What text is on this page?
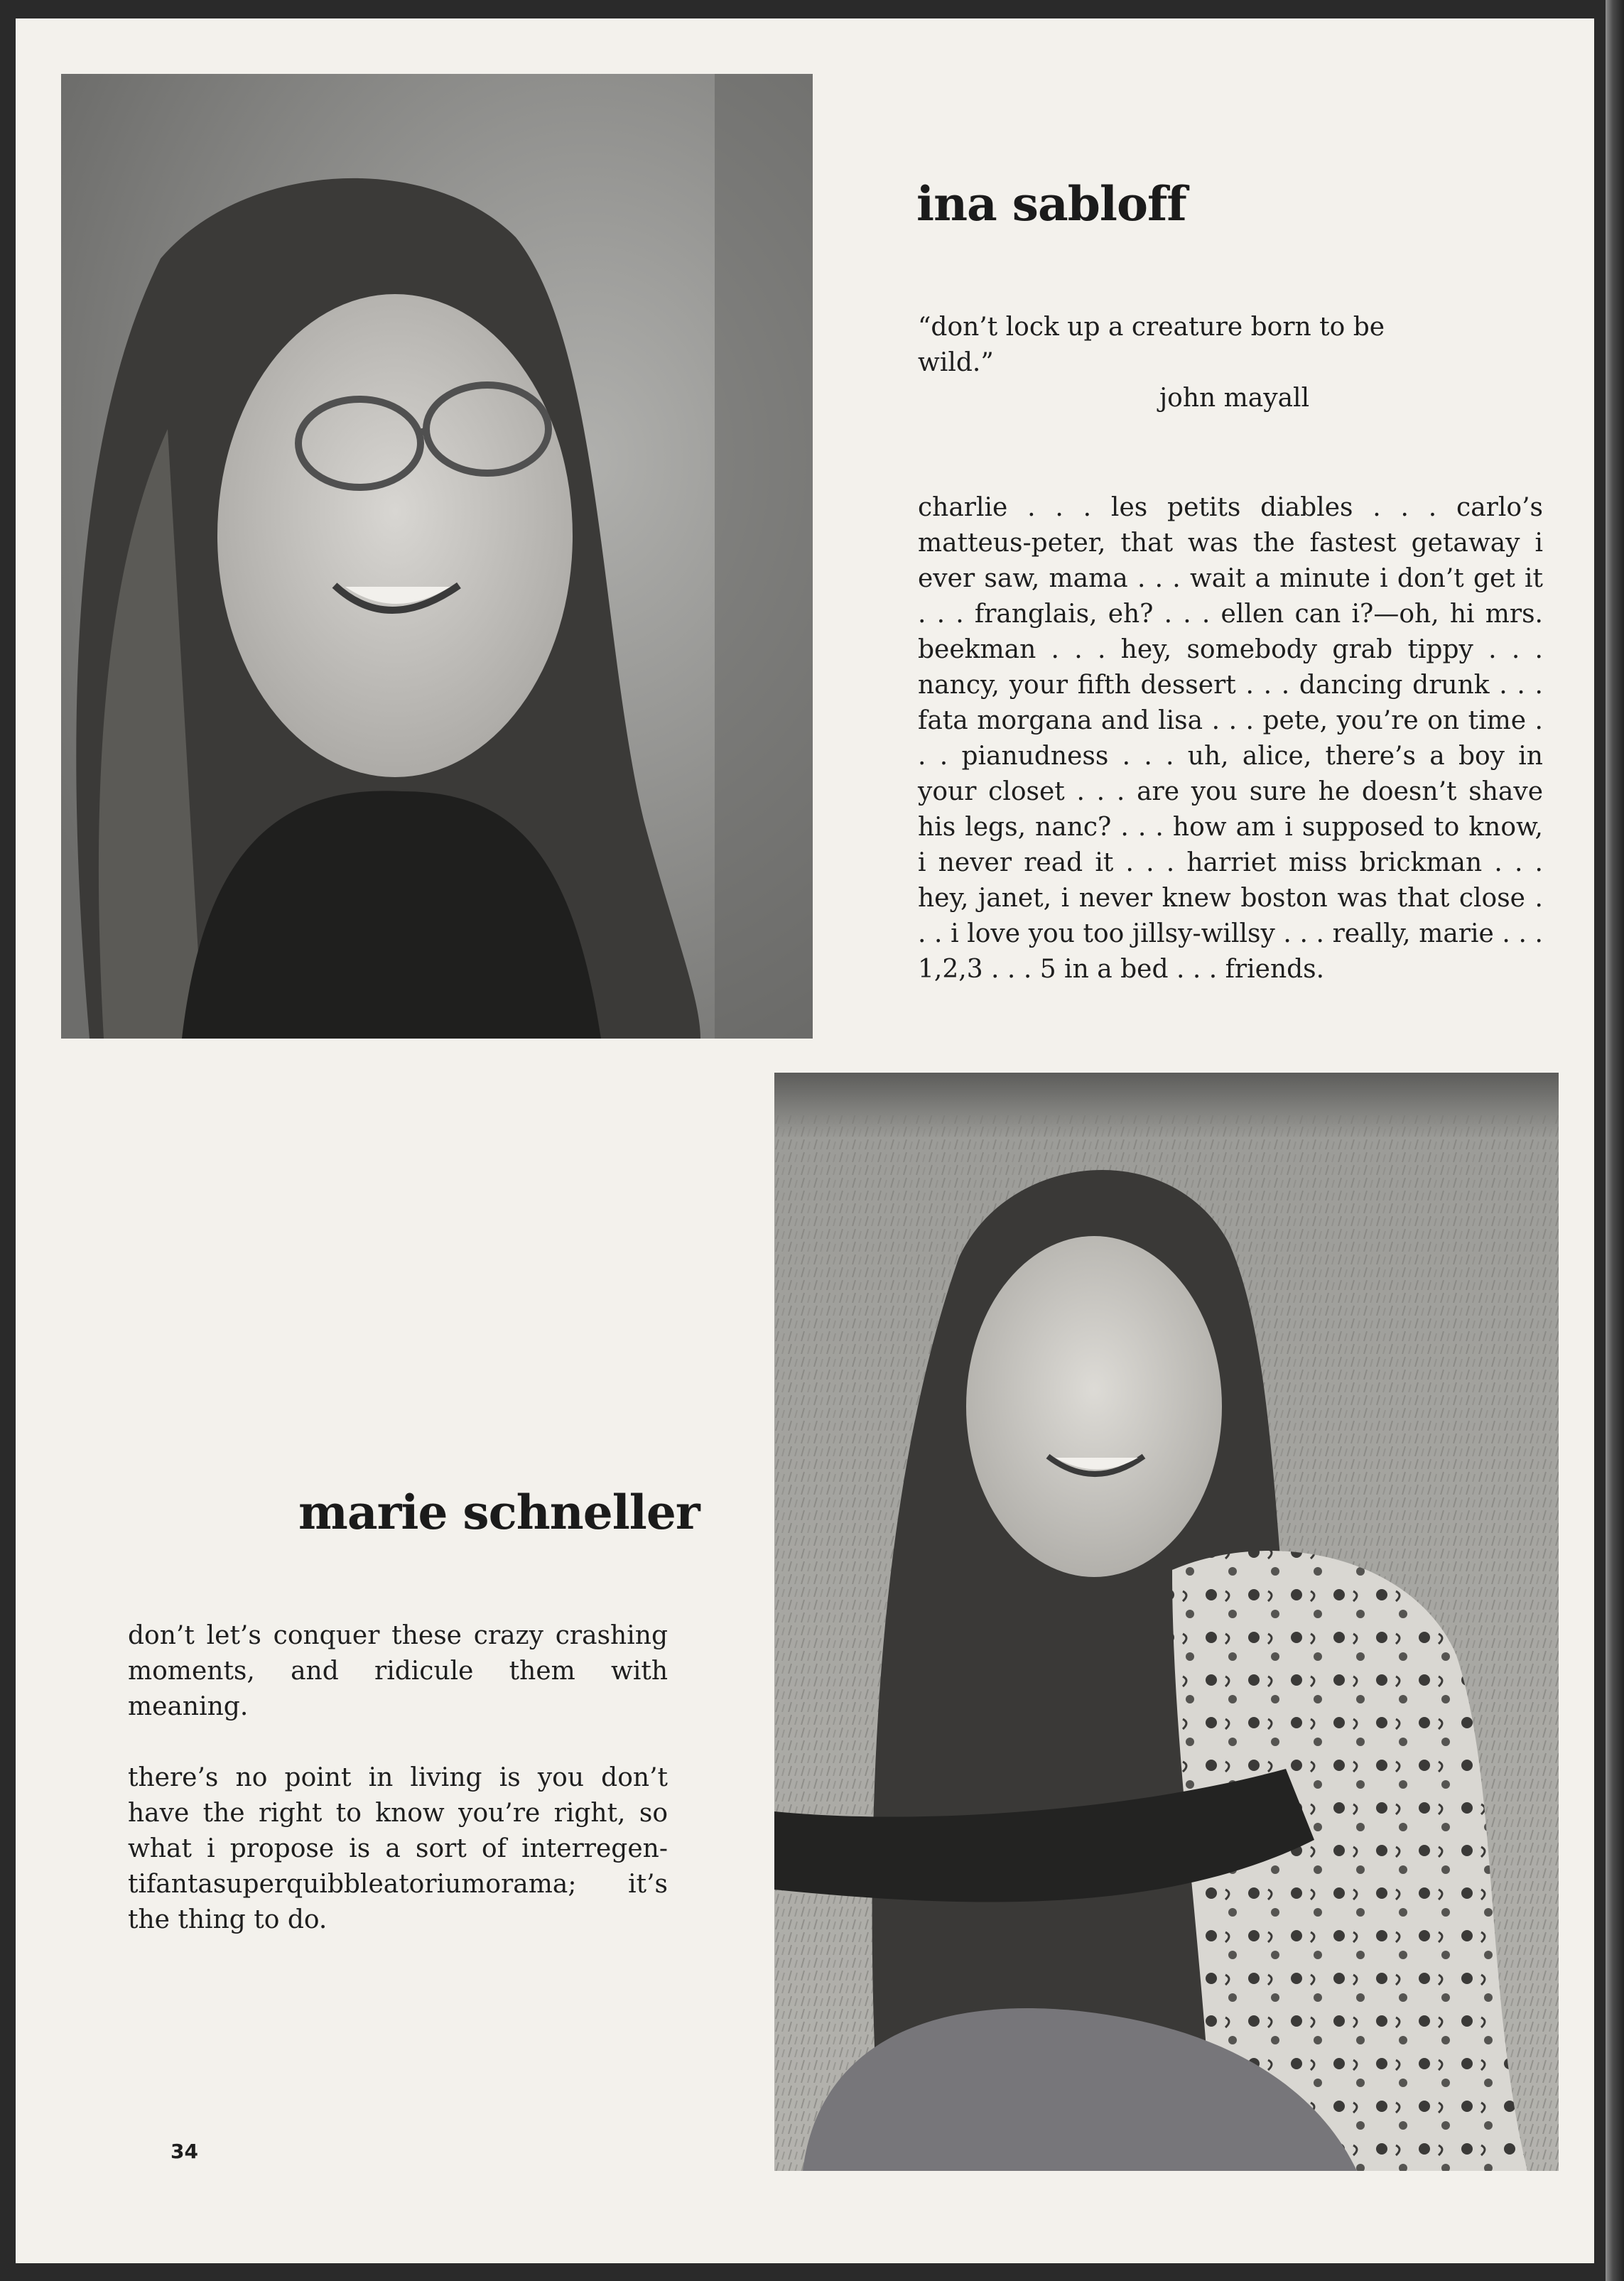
ina sabloff
“don’t lock up a creature born to be wild.”
john mayall

charlie . . . les petits diables . . . carlo’s matteus-peter, that was the fastest getaway i ever saw, mama . . . wait a minute i don’t get it . . . franglais, eh? . . . ellen can i?—oh, hi mrs. beekman . . . hey, somebody grab tippy . . . nancy, your fifth dessert . . . dancing drunk . . . fata morgana and lisa . . . pete, you’re on time . . . pianudness . . . uh, alice, there’s a boy in your closet . . . are you sure he doesn’t shave his legs, nanc? . . . how am i supposed to know, i never read it . . . harriet miss brickman . . . hey, janet, i never knew boston was that close . . . i love you too jillsy-willsy . . . really, marie . . . 1,2,3 . . . 5 in a bed . . . friends.

marie schneller

don’t let’s conquer these crazy crashing moments, and ridicule them with meaning.

there’s no point in living is you don’t have the right to know you’re right, so what i propose is a sort of interregen-tifantasuperquibbleatoriumorama; it’s the thing to do.

34
